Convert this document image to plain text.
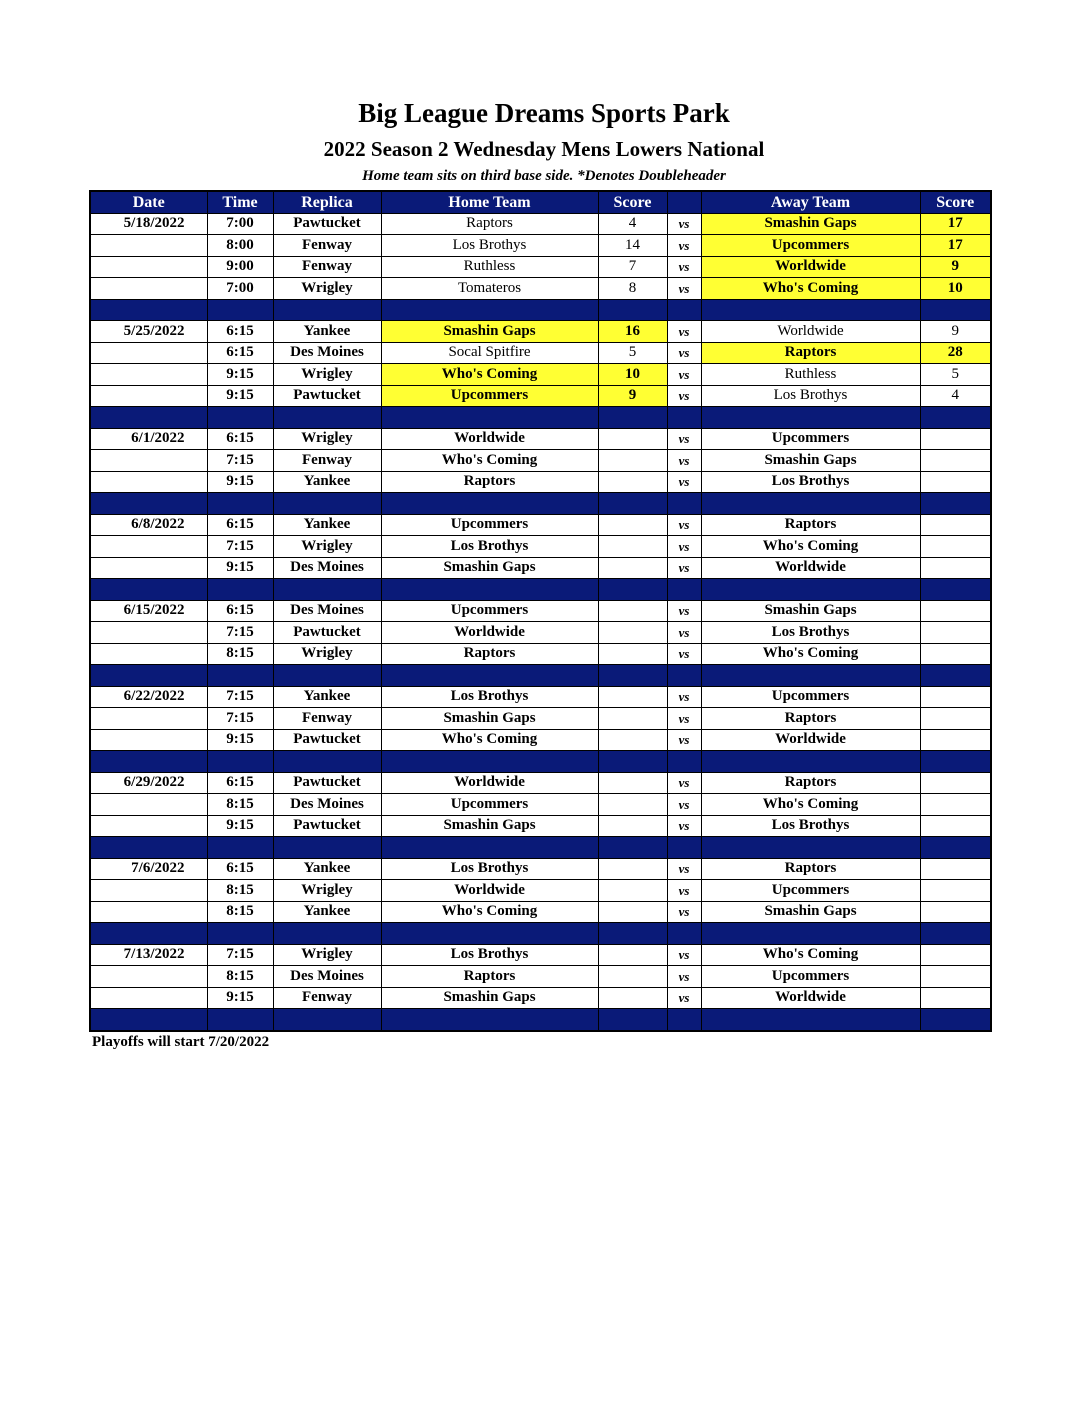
Big League Dreams Sports Park
2022 Season 2 Wednesday Mens Lowers National
Home team sits on third base side. *Denotes Doubleheader
Date	Time	Replica	Home Team	Score		Away Team	Score
5/18/2022	7:00	Pawtucket	Raptors	4	vs	Smashin Gaps	17
	8:00	Fenway	Los Brothys	14	vs	Upcommers	17
	9:00	Fenway	Ruthless	7	vs	Worldwide	9
	7:00	Wrigley	Tomateros	8	vs	Who's Coming	10

5/25/2022	6:15	Yankee	Smashin Gaps	16	vs	Worldwide	9
	6:15	Des Moines	Socal Spitfire	5	vs	Raptors	28
	9:15	Wrigley	Who's Coming	10	vs	Ruthless	5
	9:15	Pawtucket	Upcommers	9	vs	Los Brothys	4

6/1/2022	6:15	Wrigley	Worldwide		vs	Upcommers	
	7:15	Fenway	Who's Coming		vs	Smashin Gaps	
	9:15	Yankee	Raptors		vs	Los Brothys	

6/8/2022	6:15	Yankee	Upcommers		vs	Raptors	
	7:15	Wrigley	Los Brothys		vs	Who's Coming	
	9:15	Des Moines	Smashin Gaps		vs	Worldwide	

6/15/2022	6:15	Des Moines	Upcommers		vs	Smashin Gaps	
	7:15	Pawtucket	Worldwide		vs	Los Brothys	
	8:15	Wrigley	Raptors		vs	Who's Coming	

6/22/2022	7:15	Yankee	Los Brothys		vs	Upcommers	
	7:15	Fenway	Smashin Gaps		vs	Raptors	
	9:15	Pawtucket	Who's Coming		vs	Worldwide	

6/29/2022	6:15	Pawtucket	Worldwide		vs	Raptors	
	8:15	Des Moines	Upcommers		vs	Who's Coming	
	9:15	Pawtucket	Smashin Gaps		vs	Los Brothys	

7/6/2022	6:15	Yankee	Los Brothys		vs	Raptors	
	8:15	Wrigley	Worldwide		vs	Upcommers	
	8:15	Yankee	Who's Coming		vs	Smashin Gaps	

7/13/2022	7:15	Wrigley	Los Brothys		vs	Who's Coming	
	8:15	Des Moines	Raptors		vs	Upcommers	
	9:15	Fenway	Smashin Gaps		vs	Worldwide	

Playoffs will start 7/20/2022
